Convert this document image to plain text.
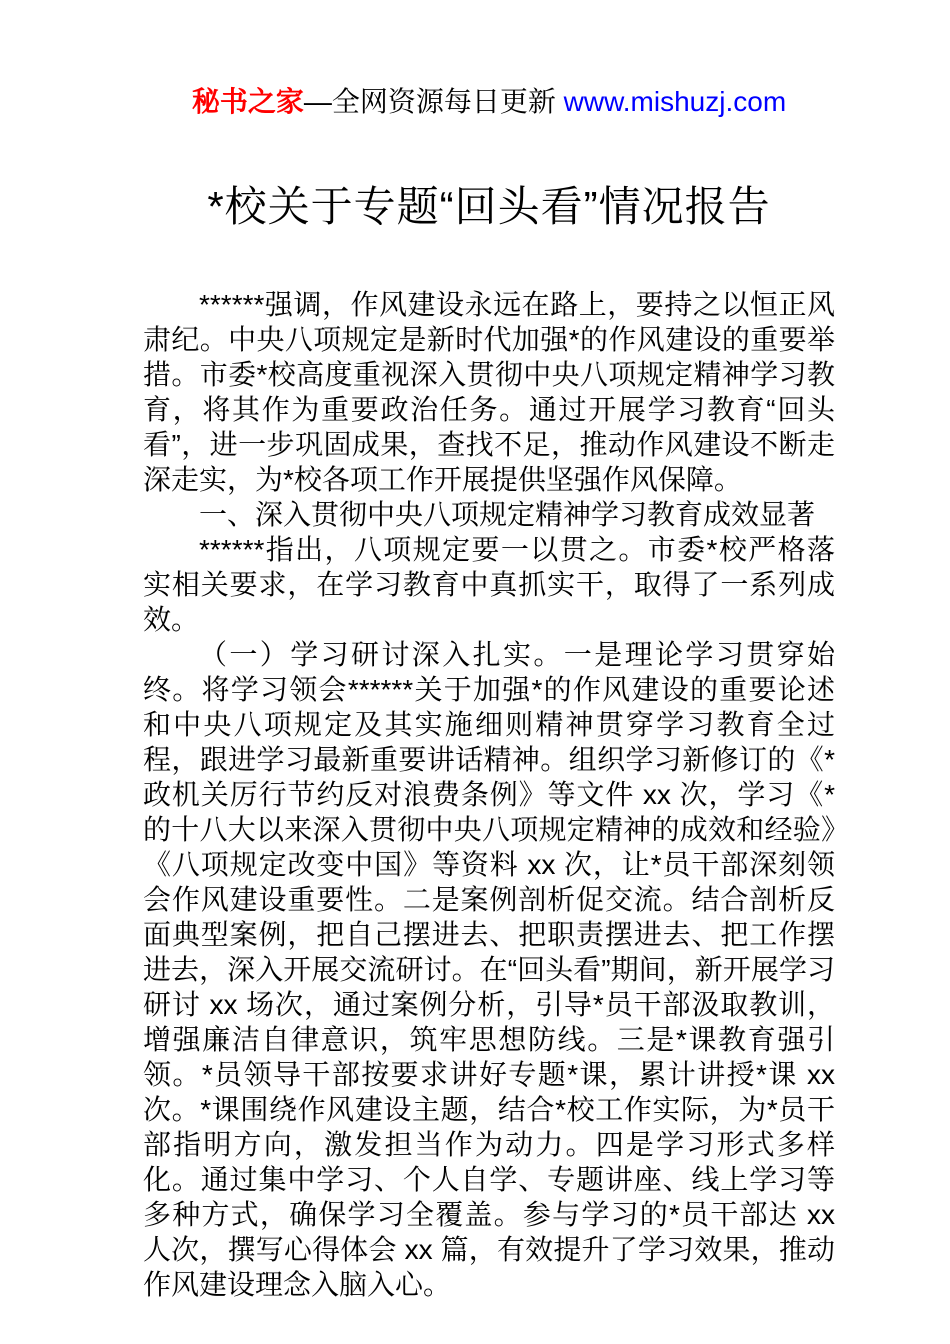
秘书之家—全网资源每日更新 www.mishuzj.com
*校关于专题“回头看”情况报告

******强调，作风建设永远在路上，要持之以恒正风肃纪。中央八项规定是新时代加强*的作风建设的重要举措。市委*校高度重视深入贯彻中央八项规定精神学习教育，将其作为重要政治任务。通过开展学习教育“回头看”，进一步巩固成果，查找不足，推动作风建设不断走深走实，为*校各项工作开展提供坚强作风保障。

一、深入贯彻中央八项规定精神学习教育成效显著

******指出，八项规定要一以贯之。市委*校严格落实相关要求，在学习教育中真抓实干，取得了一系列成效。

（一）学习研讨深入扎实。一是理论学习贯穿始终。将学习领会******关于加强*的作风建设的重要论述和中央八项规定及其实施细则精神贯穿学习教育全过程，跟进学习最新重要讲话精神。组织学习新修订的《*政机关厉行节约反对浪费条例》等文件 xx 次，学习《*的十八大以来深入贯彻中央八项规定精神的成效和经验》《八项规定改变中国》等资料 xx 次，让*员干部深刻领会作风建设重要性。二是案例剖析促交流。结合剖析反面典型案例，把自己摆进去、把职责摆进去、把工作摆进去，深入开展交流研讨。在“回头看”期间，新开展学习研讨 xx 场次，通过案例分析，引导*员干部汲取教训，增强廉洁自律意识，筑牢思想防线。三是*课教育强引领。*员领导干部按要求讲好专题*课，累计讲授*课 xx 次。*课围绕作风建设主题，结合*校工作实际，为*员干部指明方向，激发担当作为动力。四是学习形式多样化。通过集中学习、个人自学、专题讲座、线上学习等多种方式，确保学习全覆盖。参与学习的*员干部达 xx 人次，撰写心得体会 xx 篇，有效提升了学习效果，推动作风建设理念入脑入心。
